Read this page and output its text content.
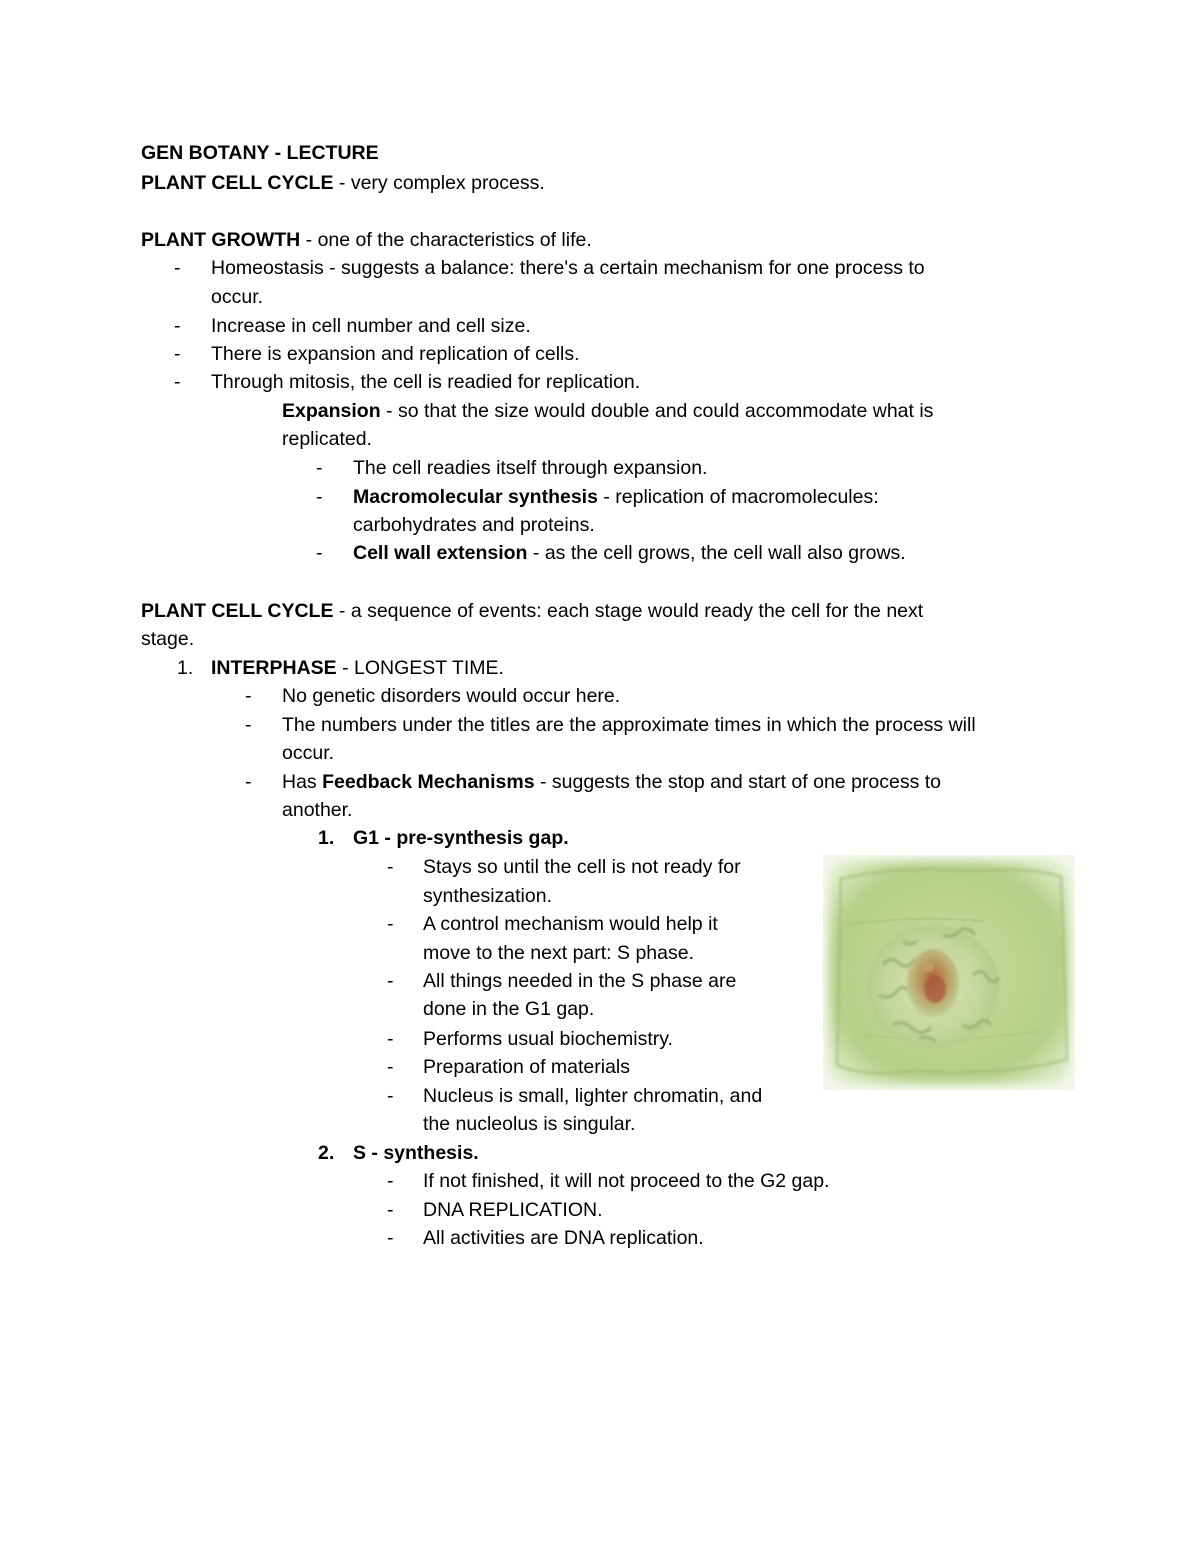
GEN BOTANY - LECTURE
PLANT CELL CYCLE - very complex process.
PLANT GROWTH - one of the characteristics of life.
- Homeostasis - suggests a balance: there's a certain mechanism for one process to
occur.
- Increase in cell number and cell size.
- There is expansion and replication of cells.
- Through mitosis, the cell is readied for replication.
Expansion - so that the size would double and could accommodate what is
replicated.
- The cell readies itself through expansion.
- Macromolecular synthesis - replication of macromolecules:
carbohydrates and proteins.
- Cell wall extension - as the cell grows, the cell wall also grows.
PLANT CELL CYCLE - a sequence of events: each stage would ready the cell for the next
stage.
1. INTERPHASE - LONGEST TIME.
- No genetic disorders would occur here.
- The numbers under the titles are the approximate times in which the process will
occur.
- Has Feedback Mechanisms - suggests the stop and start of one process to
another.
1. G1 - pre-synthesis gap.
- Stays so until the cell is not ready for
synthesization.
- A control mechanism would help it
move to the next part: S phase.
- All things needed in the S phase are
done in the G1 gap.
- Performs usual biochemistry.
- Preparation of materials
- Nucleus is small, lighter chromatin, and
the nucleolus is singular.
2. S - synthesis.
- If not finished, it will not proceed to the G2 gap.
- DNA REPLICATION.
- All activities are DNA replication.
